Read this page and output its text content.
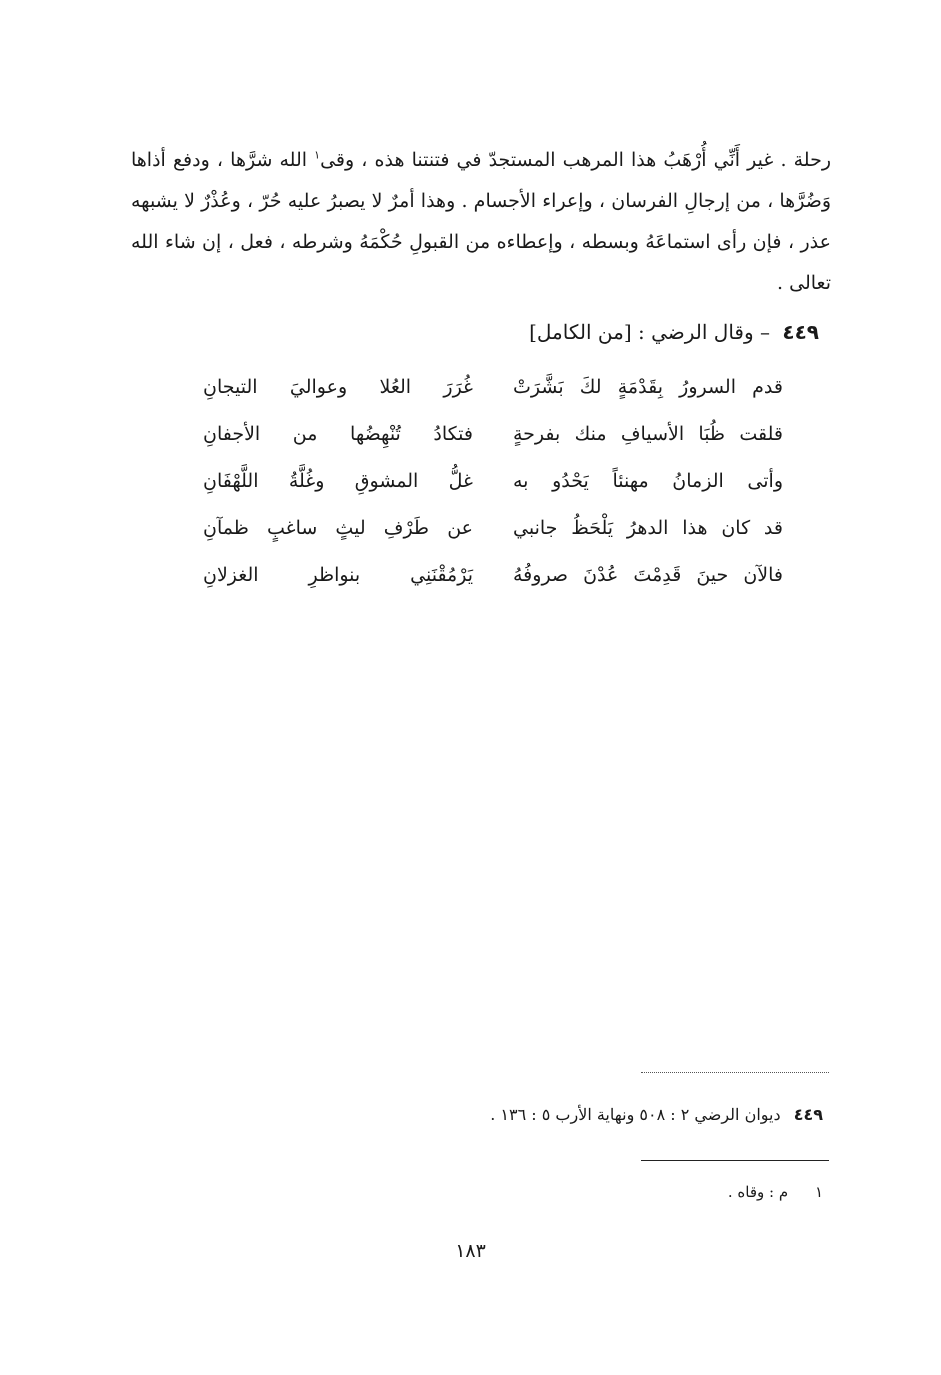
رحلة . غير أَنِّي أُرْهَبُ هذا المرهب المستجدّ في فتنتنا هذه ، وقى$^١$ الله شرَّها ، ودفع أذاها وَضُرَّها ، من إرجالِ الفرسان ، وإعراء الأجسام . وهذا أمرٌ لا يصبرُ عليه حُرّ ، وعُذْرٌ لا يشبهه عذر ، فإن رأى استماعَهُ وبسطه ، وإعطاءه من القبولِ حُكْمَهُ وشرطه ، فعل ، إن شاء الله تعالى .

٤٤٩ – وقال الرضي : [من الكامل]
قدم السرورُ بِقَدْمَةٍ لكَ بَشَّرَتْ
غُرَرَ العُلا وعواليَ التيجانِ
قلقت ظُبَا الأسيافِ منك بفرحةٍ
فتكادُ تُنْهِضُها من الأجفانِ
وأتى الزمانُ مهنئاً يَحْدُو به
غلُّ المشوقِ وغُلَّةُ اللَّهْفَانِ
قد كان هذا الدهرُ يَلْحَظُ جانبي
عن طَرْفِ ليثٍ ساغبٍ ظمآنِ
فالآن حينَ قَدِمْتَ عُدْنَ صروفُهُ
يَرْمُقْنَنِي بنواظرِ الغزلانِ
٤٤٩ ديوان الرضي ٢ : ٥٠٨ ونهاية الأرب ٥ : ١٣٦ .
١ م : وقاه .
١٨٣
